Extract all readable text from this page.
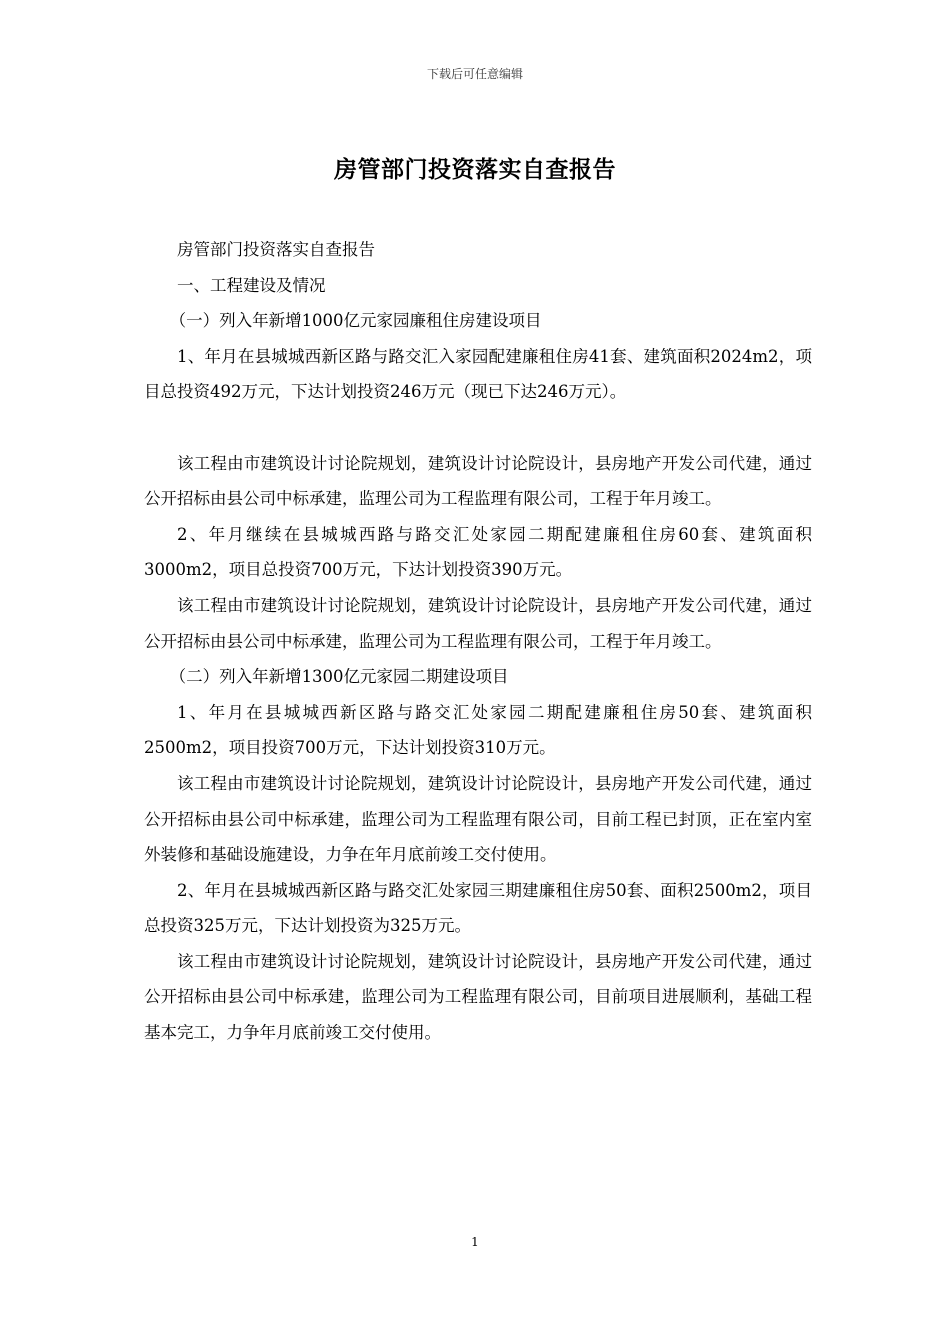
下载后可任意编辑
房管部门投资落实自查报告

房管部门投资落实自查报告

一、工程建设及情况

（一）列入年新增1000亿元家园廉租住房建设项目

1、年月在县城城西新区路与路交汇入家园配建廉租住房41套、建筑面积2024m2，项目总投资492万元，下达计划投资246万元（现已下达246万元）。

该工程由市建筑设计讨论院规划，建筑设计讨论院设计，县房地产开发公司代建，通过公开招标由县公司中标承建，监理公司为工程监理有限公司，工程于年月竣工。

2、年月继续在县城城西路与路交汇处家园二期配建廉租住房60套、建筑面积3000m2，项目总投资700万元，下达计划投资390万元。

该工程由市建筑设计讨论院规划，建筑设计讨论院设计，县房地产开发公司代建，通过公开招标由县公司中标承建，监理公司为工程监理有限公司，工程于年月竣工。

（二）列入年新增1300亿元家园二期建设项目

1、年月在县城城西新区路与路交汇处家园二期配建廉租住房50套、建筑面积2500m2，项目投资700万元，下达计划投资310万元。

该工程由市建筑设计讨论院规划，建筑设计讨论院设计，县房地产开发公司代建，通过公开招标由县公司中标承建，监理公司为工程监理有限公司，目前工程已封顶，正在室内室外装修和基础设施建设，力争在年月底前竣工交付使用。

2、年月在县城城西新区路与路交汇处家园三期建廉租住房50套、面积2500m2，项目总投资325万元，下达计划投资为325万元。

该工程由市建筑设计讨论院规划，建筑设计讨论院设计，县房地产开发公司代建，通过公开招标由县公司中标承建，监理公司为工程监理有限公司，目前项目进展顺利，基础工程基本完工，力争年月底前竣工交付使用。

1
